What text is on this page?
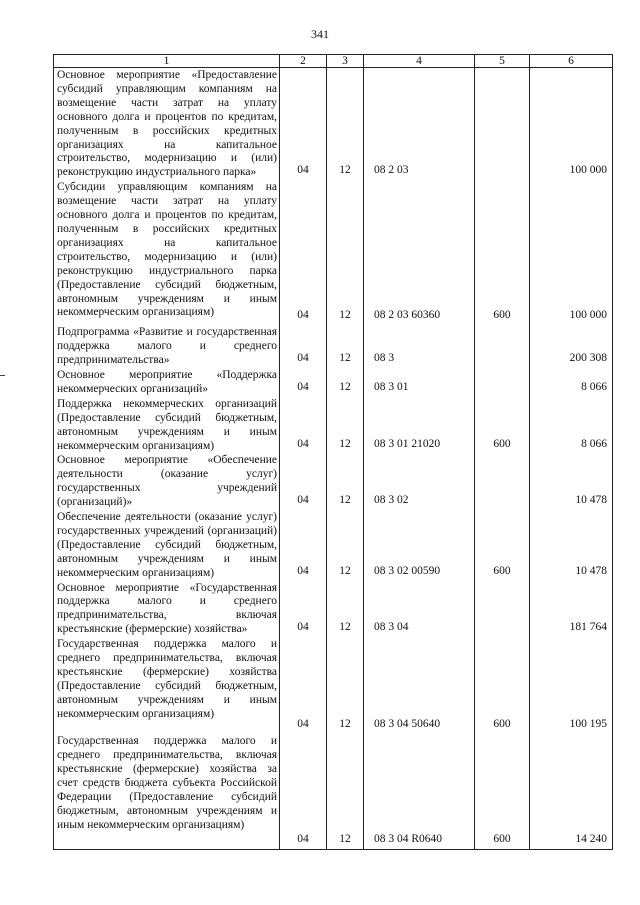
341
1	2	3	4	5	6
Основное мероприятие «Предоставление субсидий управляющим компаниям на возмещение части затрат на уплату основного долга и процентов по кредитам, полученным в российских кредитных организациях на капитальное строительство, модернизацию и (или) реконструкцию индустриального парка»	04	12	08 2 03		100 000
Субсидии управляющим компаниям на возмещение части затрат на уплату основного долга и процентов по кредитам, полученным в российских кредитных организациях на капитальное строительство, модернизацию и (или) реконструкцию индустриального парка (Предоставление субсидий бюджетным, автономным учреждениям и иным некоммерческим организациям)	04	12	08 2 03 60360	600	100 000
Подпрограмма «Развитие и государственная поддержка малого и среднего предпринимательства»	04	12	08 3		200 308
Основное мероприятие «Поддержка некоммерческих организаций»	04	12	08 3 01		8 066
Поддержка некоммерческих организаций (Предоставление субсидий бюджетным, автономным учреждениям и иным некоммерческим организациям)	04	12	08 3 01 21020	600	8 066
Основное мероприятие «Обеспечение деятельности (оказание услуг) государственных учреждений (организаций)»	04	12	08 3 02		10 478
Обеспечение деятельности (оказание услуг) государственных учреждений (организаций) (Предоставление субсидий бюджетным, автономным учреждениям и иным некоммерческим организациям)	04	12	08 3 02 00590	600	10 478
Основное мероприятие «Государственная поддержка малого и среднего предпринимательства, включая крестьянские (фермерские) хозяйства»	04	12	08 3 04		181 764
Государственная поддержка малого и среднего предпринимательства, включая крестьянские (фермерские) хозяйства (Предоставление субсидий бюджетным, автономным учреждениям и иным некоммерческим организациям)	04	12	08 3 04 50640	600	100 195
Государственная поддержка малого и среднего предпринимательства, включая крестьянские (фермерские) хозяйства за счет средств бюджета субъекта Российской Федерации (Предоставление субсидий бюджетным, автономным учреждениям и иным некоммерческим организациям)	04	12	08 3 04 R0640	600	14 240
